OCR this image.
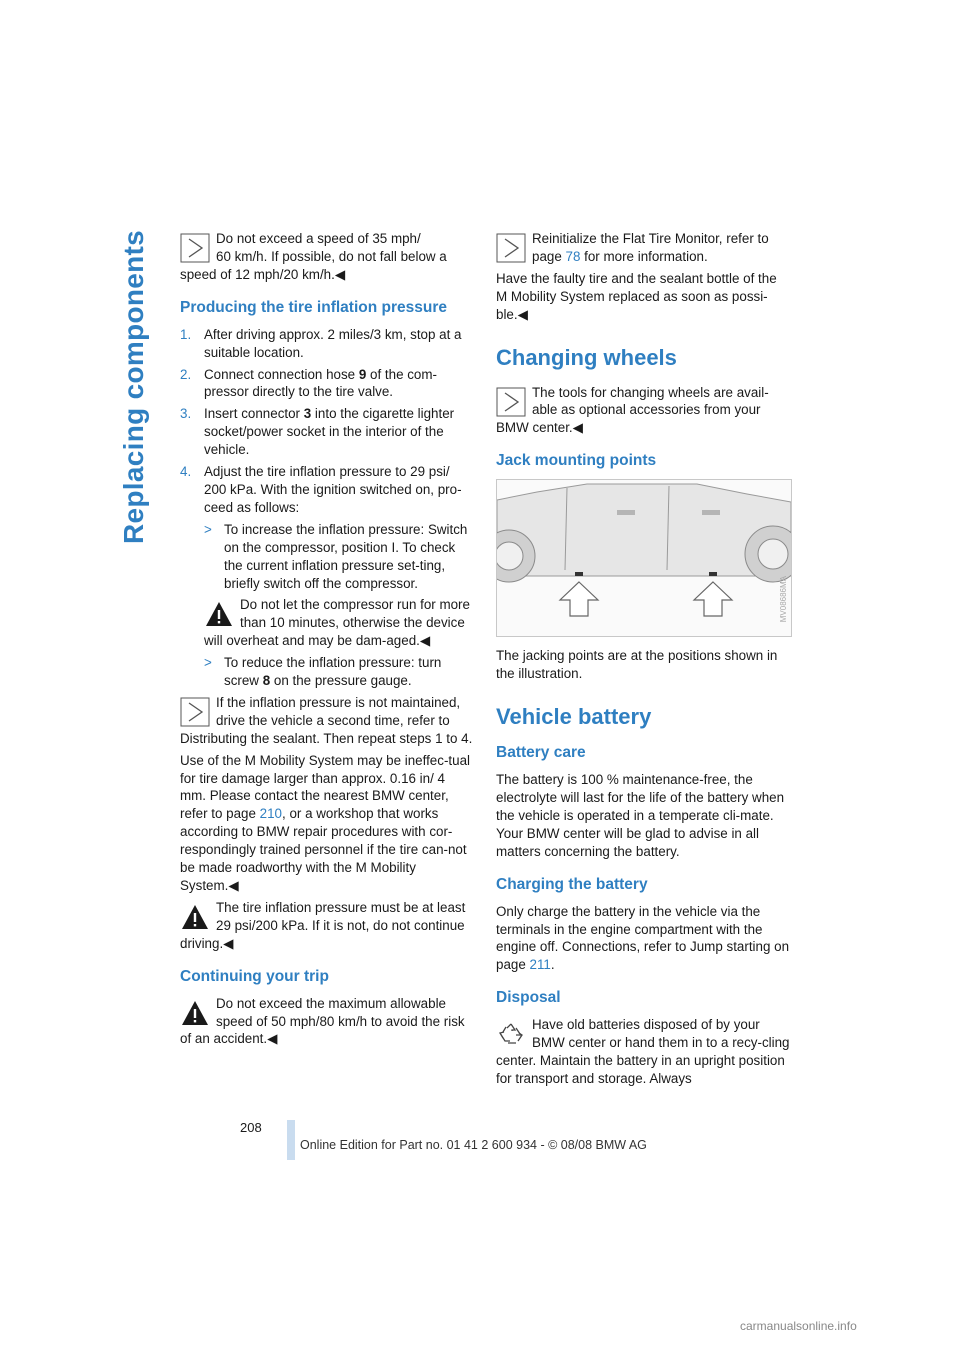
Replacing components	Do not exceed a speed of 35 mph/
60 km/h. If possible, do not fall below a speed of 12 mph/20 km/h.◀
Producing the tire inflation pressure
1. After driving approx. 2 miles/3 km, stop at a suitable location.
2. Connect connection hose 9 of the com-pressor directly to the tire valve.
3. Insert connector 3 into the cigarette lighter socket/power socket in the interior of the vehicle.
4. Adjust the tire inflation pressure to 29 psi/ 200 kPa. With the ignition switched on, pro-ceed as follows:
> To increase the inflation pressure: Switch on the compressor, position I. To check the current inflation pressure set-ting, briefly switch off the compressor.
Do not let the compressor run for more than 10 minutes, otherwise the device will overheat and may be dam-aged.◀
> To reduce the inflation pressure: turn screw 8 on the pressure gauge.
If the inflation pressure is not maintained, drive the vehicle a second time, refer to Distributing the sealant. Then repeat steps 1 to 4.

Use of the M Mobility System may be ineffec-tual for tire damage larger than approx. 0.16 in/ 4 mm. Please contact the nearest BMW center, refer to page 210, or a workshop that works according to BMW repair procedures with cor-respondingly trained personnel if the tire can-not be made roadworthy with the M Mobility System.◀

The tire inflation pressure must be at least 29 psi/200 kPa. If it is not, do not continue driving.◀
Continuing your trip
Do not exceed the maximum allowable speed of 50 mph/80 km/h to avoid the risk of an accident.◀
Reinitialize the Flat Tire Monitor, refer to page 78 for more information.

Have the faulty tire and the sealant bottle of the M Mobility System replaced as soon as possi-ble.◀

Changing wheels
The tools for changing wheels are avail-able as optional accessories from your BMW center.◀
Jack mounting points
MV08686MA

The jacking points are at the positions shown in the illustration.

Vehicle battery
Battery care

The battery is 100 % maintenance-free, the electrolyte will last for the life of the battery when the vehicle is operated in a temperate cli-mate. Your BMW center will be glad to advise in all matters concerning the battery.

Charging the battery

Only charge the battery in the vehicle via the terminals in the engine compartment with the engine off. Connections, refer to Jump starting on page 211.

Disposal
Have old batteries disposed of by your BMW center or hand them in to a recy-cling center. Maintain the battery in an upright position for transport and storage. Always
208
Online Edition for Part no. 01 41 2 600 934 - © 08/08 BMW AG
carmanualsonline.info
